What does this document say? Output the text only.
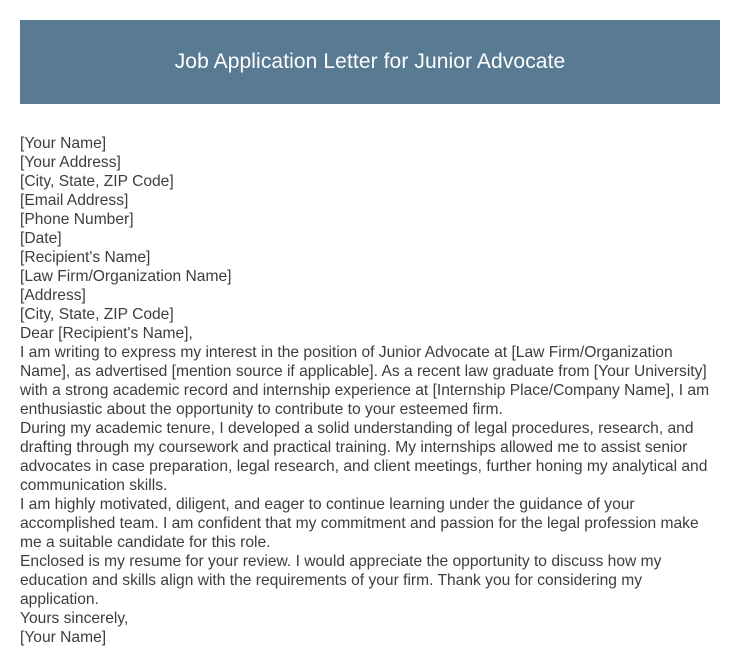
Job Application Letter for Junior Advocate
[Your Name]
[Your Address]
[City, State, ZIP Code]
[Email Address]
[Phone Number]
[Date]
[Recipient's Name]
[Law Firm/Organization Name]
[Address]
[City, State, ZIP Code]
Dear [Recipient's Name],
I am writing to express my interest in the position of Junior Advocate at [Law Firm/Organization Name], as advertised [mention source if applicable]. As a recent law graduate from [Your University] with a strong academic record and internship experience at [Internship Place/Company Name], I am enthusiastic about the opportunity to contribute to your esteemed firm.
During my academic tenure, I developed a solid understanding of legal procedures, research, and drafting through my coursework and practical training. My internships allowed me to assist senior advocates in case preparation, legal research, and client meetings, further honing my analytical and communication skills.
I am highly motivated, diligent, and eager to continue learning under the guidance of your accomplished team. I am confident that my commitment and passion for the legal profession make me a suitable candidate for this role.
Enclosed is my resume for your review. I would appreciate the opportunity to discuss how my education and skills align with the requirements of your firm. Thank you for considering my application.
Yours sincerely,
[Your Name]
